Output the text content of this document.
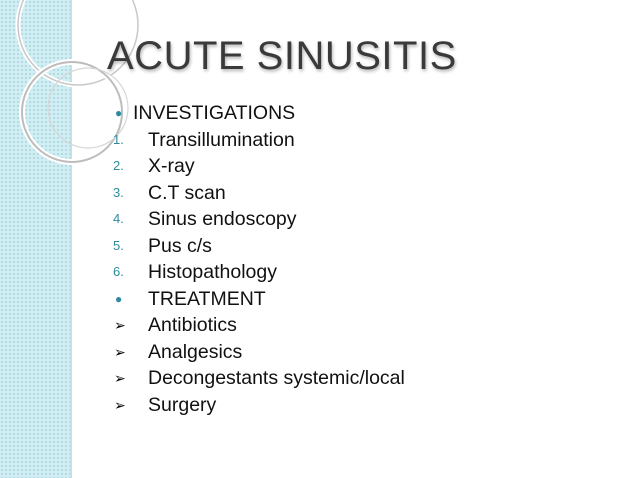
ACUTE SINUSITIS
● INVESTIGATIONS
1.	Transillumination
2.	X-ray
3.	C.T scan
4.	Sinus endoscopy
5.	Pus c/s
6.	Histopathology
●	TREATMENT
➢	Antibiotics
➢	Analgesics
➢	Decongestants systemic/local
➢	Surgery
